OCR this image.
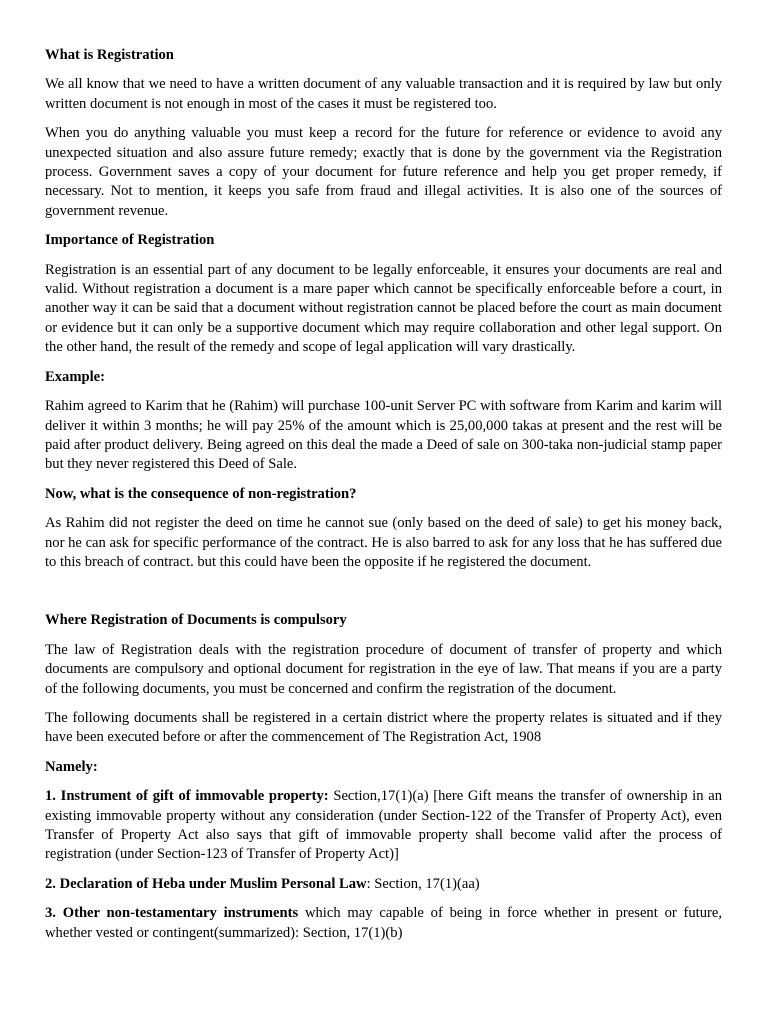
What is Registration

We all know that we need to have a written document of any valuable transaction and it is required by law but only written document is not enough in most of the cases it must be registered too.

When you do anything valuable you must keep a record for the future for reference or evidence to avoid any unexpected situation and also assure future remedy; exactly that is done by the government via the Registration process. Government saves a copy of your document for future reference and help you get proper remedy, if necessary. Not to mention, it keeps you safe from fraud and illegal activities. It is also one of the sources of government revenue.

Importance of Registration

Registration is an essential part of any document to be legally enforceable, it ensures your documents are real and valid. Without registration a document is a mare paper which cannot be specifically enforceable before a court, in another way it can be said that a document without registration cannot be placed before the court as main document or evidence but it can only be a supportive document which may require collaboration and other legal support. On the other hand, the result of the remedy and scope of legal application will vary drastically.

Example:

Rahim agreed to Karim that he (Rahim) will purchase 100-unit Server PC with software from Karim and karim will deliver it within 3 months; he will pay 25% of the amount which is 25,00,000 takas at present and the rest will be paid after product delivery. Being agreed on this deal the made a Deed of sale on 300-taka non-judicial stamp paper but they never registered this Deed of Sale.

Now, what is the consequence of non-registration?

As Rahim did not register the deed on time he cannot sue (only based on the deed of sale) to get his money back, nor he can ask for specific performance of the contract. He is also barred to ask for any loss that he has suffered due to this breach of contract. but this could have been the opposite if he registered the document.

Where Registration of Documents is compulsory

The law of Registration deals with the registration procedure of document of transfer of property and which documents are compulsory and optional document for registration in the eye of law. That means if you are a party of the following documents, you must be concerned and confirm the registration of the document.

The following documents shall be registered in a certain district where the property relates is situated and if they have been executed before or after the commencement of The Registration Act, 1908

Namely:

1. Instrument of gift of immovable property: Section,17(1)(a) [here Gift means the transfer of ownership in an existing immovable property without any consideration (under Section-122 of the Transfer of Property Act), even Transfer of Property Act also says that gift of immovable property shall become valid after the process of registration (under Section-123 of Transfer of Property Act)]

2. Declaration of Heba under Muslim Personal Law: Section, 17(1)(aa)

3. Other non-testamentary instruments which may capable of being in force whether in present or future, whether vested or contingent(summarized): Section, 17(1)(b)
